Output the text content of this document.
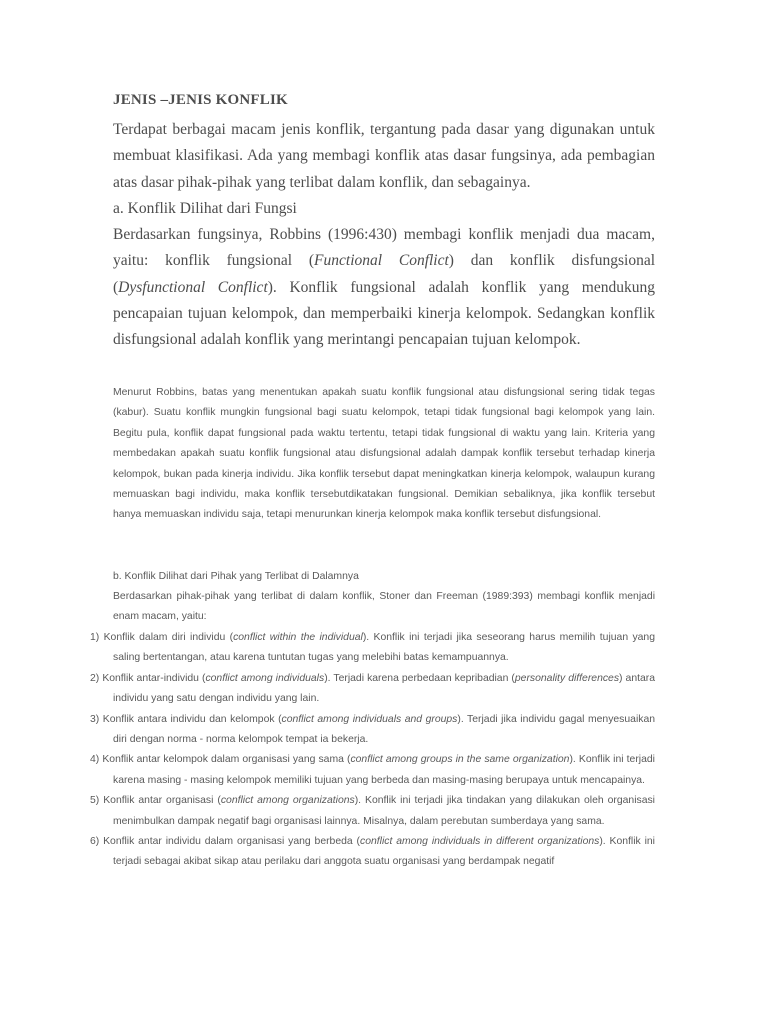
JENIS –JENIS KONFLIK

Terdapat berbagai macam jenis konflik, tergantung pada dasar yang digunakan untuk membuat klasifikasi. Ada yang membagi konflik atas dasar fungsinya, ada pembagian atas dasar pihak-pihak yang terlibat dalam konflik, dan sebagainya.

a. Konflik Dilihat dari Fungsi

Berdasarkan fungsinya, Robbins (1996:430) membagi konflik menjadi dua macam, yaitu: konflik fungsional (Functional Conflict) dan konflik disfungsional (Dysfunctional Conflict). Konflik fungsional adalah konflik yang mendukung pencapaian tujuan kelompok, dan memperbaiki kinerja kelompok. Sedangkan konflik disfungsional adalah konflik yang merintangi pencapaian tujuan kelompok.

Menurut Robbins, batas yang menentukan apakah suatu konflik fungsional atau disfungsional sering tidak tegas (kabur). Suatu konflik mungkin fungsional bagi suatu kelompok, tetapi tidak fungsional bagi kelompok yang lain. Begitu pula, konflik dapat fungsional pada waktu tertentu, tetapi tidak fungsional di waktu yang lain. Kriteria yang membedakan apakah suatu konflik fungsional atau disfungsional adalah dampak konflik tersebut terhadap kinerja kelompok, bukan pada kinerja individu. Jika konflik tersebut dapat meningkatkan kinerja kelompok, walaupun kurang memuaskan bagi individu, maka konflik tersebutdikatakan fungsional. Demikian sebaliknya, jika konflik tersebut hanya memuaskan individu saja, tetapi menurunkan kinerja kelompok maka konflik tersebut disfungsional.

b. Konflik Dilihat dari Pihak yang Terlibat di Dalamnya

Berdasarkan pihak-pihak yang terlibat di dalam konflik, Stoner dan Freeman (1989:393) membagi konflik menjadi enam macam, yaitu:

1) Konflik dalam diri individu (conflict within the individual). Konflik ini terjadi jika seseorang harus memilih tujuan yang saling bertentangan, atau karena tuntutan tugas yang melebihi batas kemampuannya.
2) Konflik antar-individu (conflict among individuals). Terjadi karena perbedaan kepribadian (personality differences) antara individu yang satu dengan individu yang lain.
3) Konflik antara individu dan kelompok (conflict among individuals and groups). Terjadi jika individu gagal menyesuaikan diri dengan norma - norma kelompok tempat ia bekerja.
4) Konflik antar kelompok dalam organisasi yang sama (conflict among groups in the same organization). Konflik ini terjadi karena masing - masing kelompok memiliki tujuan yang berbeda dan masing-masing berupaya untuk mencapainya.
5) Konflik antar organisasi (conflict among organizations). Konflik ini terjadi jika tindakan yang dilakukan oleh organisasi menimbulkan dampak negatif bagi organisasi lainnya. Misalnya, dalam perebutan sumberdaya yang sama.
6) Konflik antar individu dalam organisasi yang berbeda (conflict among individuals in different organizations). Konflik ini terjadi sebagai akibat sikap atau perilaku dari anggota suatu organisasi yang berdampak negatif
